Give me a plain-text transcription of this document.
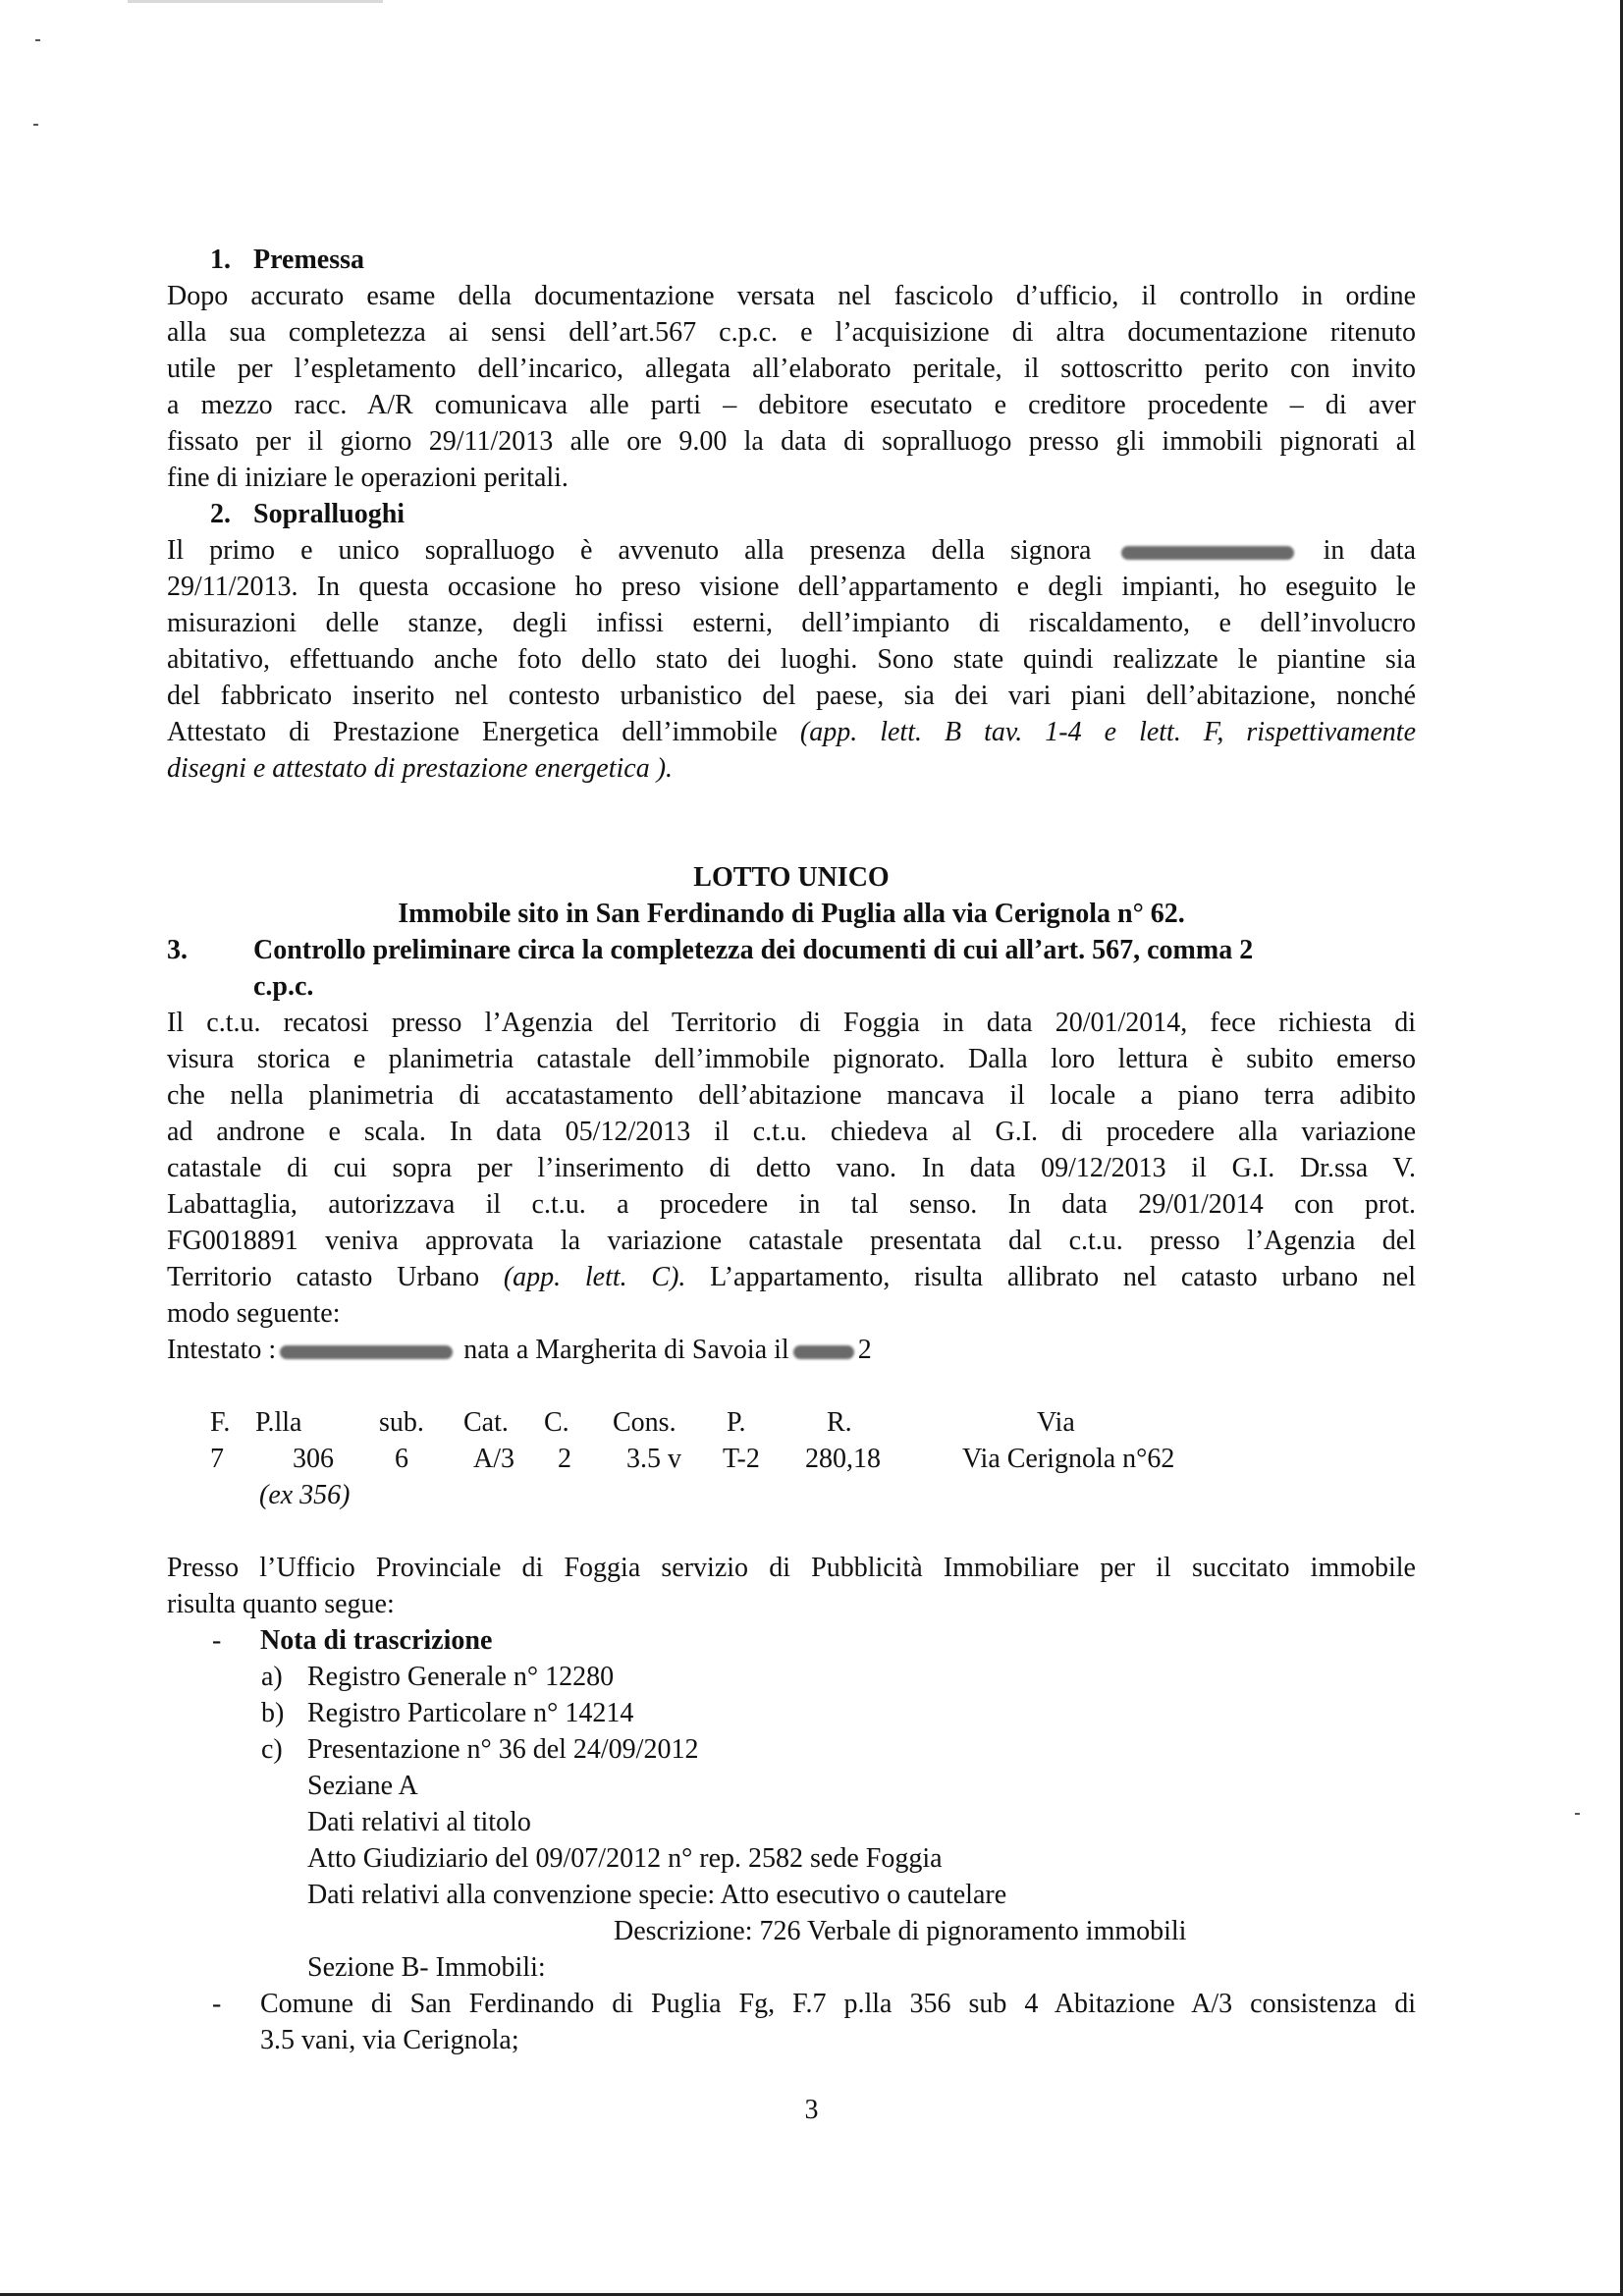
1. Premessa

Dopo accurato esame della documentazione versata nel fascicolo d’ufficio, il controllo in ordine

alla sua completezza ai sensi dell’art.567 c.p.c. e l’acquisizione di altra documentazione ritenuto

utile per l’espletamento dell’incarico, allegata all’elaborato peritale, il sottoscritto perito con invito

a mezzo racc. A/R comunicava alle parti – debitore esecutato e creditore procedente – di aver

fissato per il giorno 29/11/2013 alle ore 9.00 la data di sopralluogo presso gli immobili pignorati al

fine di iniziare le operazioni peritali.

2. Sopralluoghi

Il primo e unico sopralluogo è avvenuto alla presenza della signora	in data

29/11/2013. In questa occasione ho preso visione dell’appartamento e degli impianti, ho eseguito le

misurazioni delle stanze, degli infissi esterni, dell’impianto di riscaldamento, e dell’involucro

abitativo, effettuando anche foto dello stato dei luoghi. Sono state quindi realizzate le piantine sia

del fabbricato inserito nel contesto urbanistico del paese, sia dei vari piani dell’abitazione, nonché

Attestato di Prestazione Energetica dell’immobile (app. lett. B tav. 1-4 e lett. F, rispettivamente

disegni e attestato di prestazione energetica ).

LOTTO UNICO

Immobile sito in San Ferdinando di Puglia alla via Cerignola n° 62.

3. Controllo preliminare circa la completezza dei documenti di cui all’art. 567, comma 2

c.p.c.

Il c.t.u. recatosi presso l’Agenzia del Territorio di Foggia in data 20/01/2014, fece richiesta di

visura storica e planimetria catastale dell’immobile pignorato. Dalla loro lettura è subito emerso

che nella planimetria di accatastamento dell’abitazione mancava il locale a piano terra adibito

ad androne e scala. In data 05/12/2013 il c.t.u. chiedeva al G.I. di procedere alla variazione

catastale di cui sopra per l’inserimento di detto vano. In data 09/12/2013 il G.I. Dr.ssa V.

Labattaglia, autorizzava il c.t.u. a procedere in tal senso. In data 29/01/2014 con prot.

FG0018891 veniva approvata la variazione catastale presentata dal c.t.u. presso l’Agenzia del

Territorio catasto Urbano (app. lett. C). L’appartamento, risulta allibrato nel catasto urbano nel

modo seguente:

Intestato :	nata a Margherita di Savoia il	2

F. P.lla	sub. Cat. C. Cons. P.	R.	Via
7	306 6 A/3 2 3.5 v T-2 280,18	Via Cerignola n°62
(ex 356)

Presso l’Ufficio Provinciale di Foggia servizio di Pubblicità Immobiliare per il succitato immobile

risulta quanto segue:

- Nota di trascrizione

a) Registro Generale n° 12280

b) Registro Particolare n° 14214

c) Presentazione n° 36 del 24/09/2012

Seziane A

Dati relativi al titolo

Atto Giudiziario del 09/07/2012 n° rep. 2582 sede Foggia

Dati relativi alla convenzione specie: Atto esecutivo o cautelare

Descrizione: 726 Verbale di pignoramento immobili

Sezione B- Immobili:

- Comune di San Ferdinando di Puglia Fg, F.7 p.lla 356 sub 4 Abitazione A/3 consistenza di

3.5 vani, via Cerignola;

3
